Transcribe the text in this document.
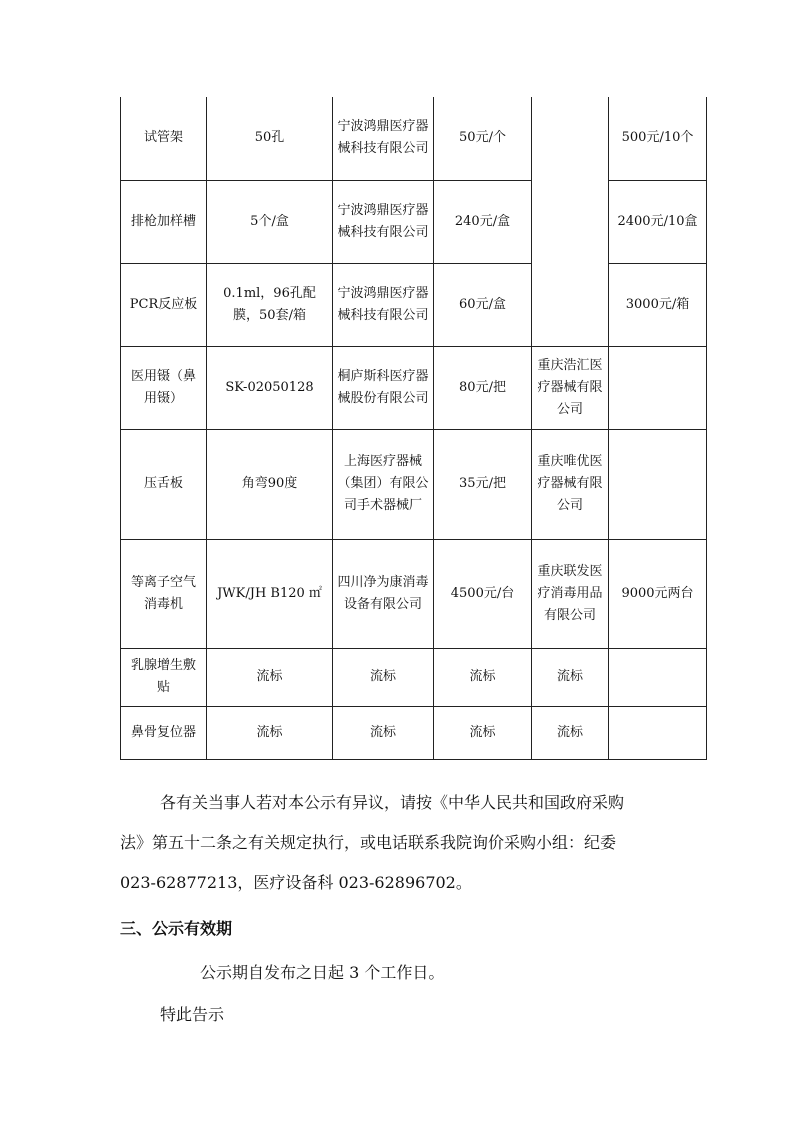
试管架	50孔	宁波鸿鼎医疗器械科技有限公司	50元/个		500元/10个
排枪加样槽	5个/盒	宁波鸿鼎医疗器械科技有限公司	240元/盒		2400元/10盒
PCR反应板	0.1ml，96孔配膜，50套/箱	宁波鸿鼎医疗器械科技有限公司	60元/盒		3000元/箱
医用镊（鼻用镊）	SK-02050128	桐庐斯科医疗器械股份有限公司	80元/把	重庆浩汇医疗器械有限公司	
压舌板	角弯90度	上海医疗器械（集团）有限公司手术器械厂	35元/把	重庆唯优医疗器械有限公司	
等离子空气消毒机	JWK/JH B120 ㎡	四川净为康消毒设备有限公司	4500元/台	重庆联发医疗消毒用品有限公司	9000元两台
乳腺增生敷贴	流标	流标	流标	流标	
鼻骨复位器	流标	流标	流标	流标	
各有关当事人若对本公示有异议，请按《中华人民共和国政府采购
法》第五十二条之有关规定执行，或电话联系我院询价采购小组：纪委
023-62877213，医疗设备科 023-62896702。
三、公示有效期
公示期自发布之日起 3 个工作日。
特此告示
